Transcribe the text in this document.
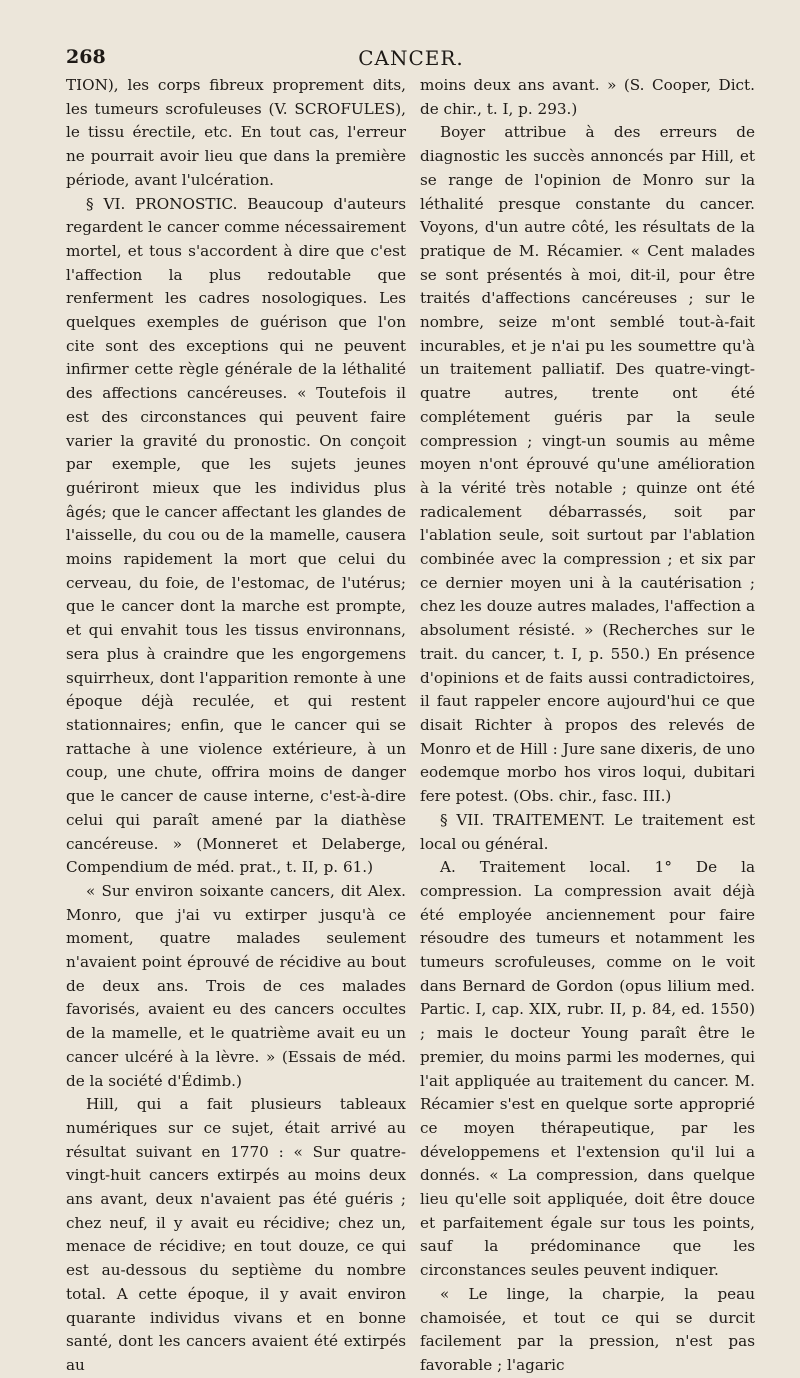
268	CANCER.

TION), les corps fibreux proprement dits, les tumeurs scrofuleuses (V. SCROFULES), le tissu érectile, etc. En tout cas, l'erreur ne pourrait avoir lieu que dans la première période, avant l'ulcération.

§ VI. PRONOSTIC. Beaucoup d'auteurs regardent le cancer comme nécessairement mortel, et tous s'accordent à dire que c'est l'affection la plus redoutable que renferment les cadres nosologiques. Les quelques exemples de guérison que l'on cite sont des exceptions qui ne peuvent infirmer cette règle générale de la léthalité des affections cancéreuses. « Toutefois il est des circonstances qui peuvent faire varier la gravité du pronostic. On conçoit par exemple, que les sujets jeunes guériront mieux que les individus plus âgés; que le cancer affectant les glandes de l'aisselle, du cou ou de la mamelle, causera moins rapidement la mort que celui du cerveau, du foie, de l'estomac, de l'utérus; que le cancer dont la marche est prompte, et qui envahit tous les tissus environnans, sera plus à craindre que les engorgemens squirrheux, dont l'apparition remonte à une époque déjà reculée, et qui restent stationnaires; enfin, que le cancer qui se rattache à une violence extérieure, à un coup, une chute, offrira moins de danger que le cancer de cause interne, c'est-à-dire celui qui paraît amené par la diathèse cancéreuse. » (Monneret et Delaberge, Compendium de méd. prat., t. II, p. 61.)

« Sur environ soixante cancers, dit Alex. Monro, que j'ai vu extirper jusqu'à ce moment, quatre malades seulement n'avaient point éprouvé de récidive au bout de deux ans. Trois de ces malades favorisés, avaient eu des cancers occultes de la mamelle, et le quatrième avait eu un cancer ulcéré à la lèvre. » (Essais de méd. de la société d'Édimb.)

Hill, qui a fait plusieurs tableaux numériques sur ce sujet, était arrivé au résultat suivant en 1770 : « Sur quatre-vingt-huit cancers extirpés au moins deux ans avant, deux n'avaient pas été guéris ; chez neuf, il y avait eu récidive; chez un, menace de récidive; en tout douze, ce qui est au-dessous du septième du nombre total. A cette époque, il y avait environ quarante individus vivans et en bonne santé, dont les cancers avaient été extirpés au

moins deux ans avant. » (S. Cooper, Dict. de chir., t. I, p. 293.)

Boyer attribue à des erreurs de diagnostic les succès annoncés par Hill, et se range de l'opinion de Monro sur la léthalité presque constante du cancer. Voyons, d'un autre côté, les résultats de la pratique de M. Récamier. « Cent malades se sont présentés à moi, dit-il, pour être traités d'affections cancéreuses ; sur le nombre, seize m'ont semblé tout-à-fait incurables, et je n'ai pu les soumettre qu'à un traitement palliatif. Des quatre-vingt-quatre autres, trente ont été complétement guéris par la seule compression ; vingt-un soumis au même moyen n'ont éprouvé qu'une amélioration à la vérité très notable ; quinze ont été radicalement débarrassés, soit par l'ablation seule, soit surtout par l'ablation combinée avec la compression ; et six par ce dernier moyen uni à la cautérisation ; chez les douze autres malades, l'affection a absolument résisté. » (Recherches sur le trait. du cancer, t. I, p. 550.) En présence d'opinions et de faits aussi contradictoires, il faut rappeler encore aujourd'hui ce que disait Richter à propos des relevés de Monro et de Hill : Jure sane dixeris, de uno eodemque morbo hos viros loqui, dubitari fere potest. (Obs. chir., fasc. III.)

§ VII. TRAITEMENT. Le traitement est local ou général.

A. Traitement local. 1° De la compression. La compression avait déjà été employée anciennement pour faire résoudre des tumeurs et notamment les tumeurs scrofuleuses, comme on le voit dans Bernard de Gordon (opus lilium med. Partic. I, cap. XIX, rubr. II, p. 84, ed. 1550) ; mais le docteur Young paraît être le premier, du moins parmi les modernes, qui l'ait appliquée au traitement du cancer. M. Récamier s'est en quelque sorte approprié ce moyen thérapeutique, par les développemens et l'extension qu'il lui a donnés. « La compression, dans quelque lieu qu'elle soit appliquée, doit être douce et parfaitement égale sur tous les points, sauf la prédominance que les circonstances seules peuvent indiquer.

« Le linge, la charpie, la peau chamoisée, et tout ce qui se durcit facilement par la pression, n'est pas favorable ; l'agaric
